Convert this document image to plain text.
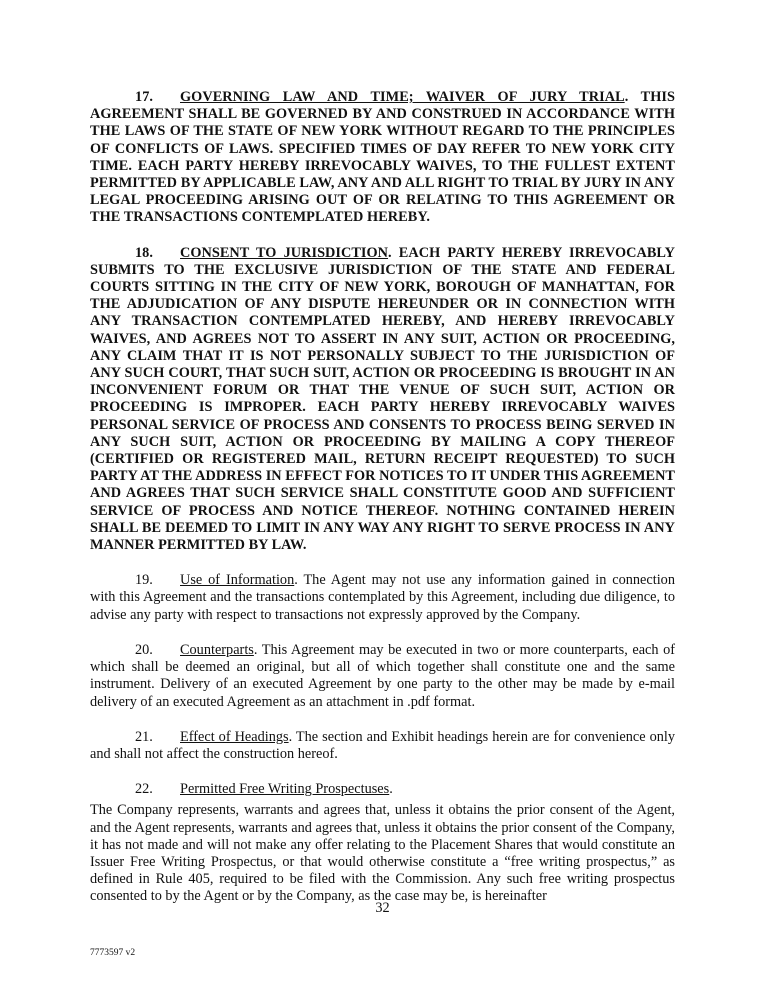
17. GOVERNING LAW AND TIME; WAIVER OF JURY TRIAL. THIS AGREEMENT SHALL BE GOVERNED BY AND CONSTRUED IN ACCORDANCE WITH THE LAWS OF THE STATE OF NEW YORK WITHOUT REGARD TO THE PRINCIPLES OF CONFLICTS OF LAWS. SPECIFIED TIMES OF DAY REFER TO NEW YORK CITY TIME. EACH PARTY HEREBY IRREVOCABLY WAIVES, TO THE FULLEST EXTENT PERMITTED BY APPLICABLE LAW, ANY AND ALL RIGHT TO TRIAL BY JURY IN ANY LEGAL PROCEEDING ARISING OUT OF OR RELATING TO THIS AGREEMENT OR THE TRANSACTIONS CONTEMPLATED HEREBY.

18. CONSENT TO JURISDICTION. EACH PARTY HEREBY IRREVOCABLY SUBMITS TO THE EXCLUSIVE JURISDICTION OF THE STATE AND FEDERAL COURTS SITTING IN THE CITY OF NEW YORK, BOROUGH OF MANHATTAN, FOR THE ADJUDICATION OF ANY DISPUTE HEREUNDER OR IN CONNECTION WITH ANY TRANSACTION CONTEMPLATED HEREBY, AND HEREBY IRREVOCABLY WAIVES, AND AGREES NOT TO ASSERT IN ANY SUIT, ACTION OR PROCEEDING, ANY CLAIM THAT IT IS NOT PERSONALLY SUBJECT TO THE JURISDICTION OF ANY SUCH COURT, THAT SUCH SUIT, ACTION OR PROCEEDING IS BROUGHT IN AN INCONVENIENT FORUM OR THAT THE VENUE OF SUCH SUIT, ACTION OR PROCEEDING IS IMPROPER. EACH PARTY HEREBY IRREVOCABLY WAIVES PERSONAL SERVICE OF PROCESS AND CONSENTS TO PROCESS BEING SERVED IN ANY SUCH SUIT, ACTION OR PROCEEDING BY MAILING A COPY THEREOF (CERTIFIED OR REGISTERED MAIL, RETURN RECEIPT REQUESTED) TO SUCH PARTY AT THE ADDRESS IN EFFECT FOR NOTICES TO IT UNDER THIS AGREEMENT AND AGREES THAT SUCH SERVICE SHALL CONSTITUTE GOOD AND SUFFICIENT SERVICE OF PROCESS AND NOTICE THEREOF. NOTHING CONTAINED HEREIN SHALL BE DEEMED TO LIMIT IN ANY WAY ANY RIGHT TO SERVE PROCESS IN ANY MANNER PERMITTED BY LAW.

19. Use of Information. The Agent may not use any information gained in connection with this Agreement and the transactions contemplated by this Agreement, including due diligence, to advise any party with respect to transactions not expressly approved by the Company.

20. Counterparts. This Agreement may be executed in two or more counterparts, each of which shall be deemed an original, but all of which together shall constitute one and the same instrument. Delivery of an executed Agreement by one party to the other may be made by e-mail delivery of an executed Agreement as an attachment in .pdf format.

21. Effect of Headings. The section and Exhibit headings herein are for convenience only and shall not affect the construction hereof.

22. Permitted Free Writing Prospectuses.

The Company represents, warrants and agrees that, unless it obtains the prior consent of the Agent, and the Agent represents, warrants and agrees that, unless it obtains the prior consent of the Company, it has not made and will not make any offer relating to the Placement Shares that would constitute an Issuer Free Writing Prospectus, or that would otherwise constitute a “free writing prospectus,” as defined in Rule 405, required to be filed with the Commission. Any such free writing prospectus consented to by the Agent or by the Company, as the case may be, is hereinafter

32
7773597 v2
